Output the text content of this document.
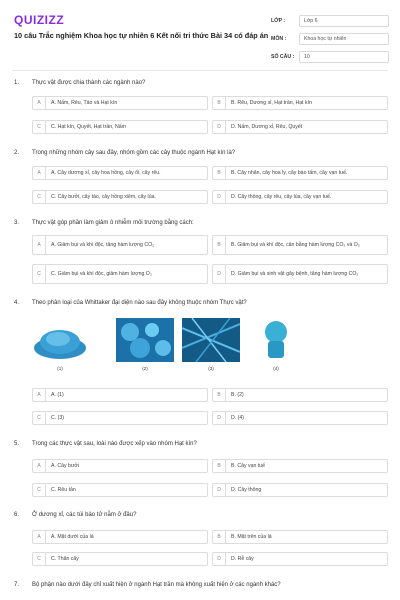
QUIZIZZ
10 câu Trắc nghiệm Khoa học tự nhiên 6 Kết nối tri thức Bài 34 có đáp án
LỚP :	Lớp 6
MÔN :	Khoa học tự nhiên
SỐ CÂU :	10
1. Thực vật được chia thành các ngành nào?
A	A. Nấm, Rêu, Tảo và Hạt kín	B	B. Rêu, Dương xỉ, Hạt trần, Hạt kín
C	C. Hạt kín, Quyết, Hạt trần, Nấm	D	D. Nấm, Dương xỉ, Rêu, Quyết
2. Trong những nhóm cây sau đây, nhóm gồm các cây thuộc ngành Hạt kín là?
A	A. Cây dương xỉ, cây hoa hồng, cây ổi, cây rêu.	B	B. Cây nhãn, cây hoa ly, cây bào tấm, cây vạn tuế.
C	C. Cây bưởi, cây táo, cây hồng xiêm, cây lúa.	D	D. Cây thông, cây rêu, cây lúa, cây vạn tuế.
3. Thực vật góp phần làm giảm ô nhiễm môi trường bằng cách:
A	A. Giảm bụi và khí độc, tăng hàm lượng CO₂	B	B. Giảm bụi và khí độc, cân bằng hàm lượng CO₂ và O₂
C	C. Giảm bụi và khí độc, giảm hàm lượng O₂	D	D. Giảm bụi và sinh vật gây bệnh, tăng hàm lượng CO₂
4. Theo phân loại của Whittaker đại diện nào sau đây không thuộc nhóm Thực vật?
(1)	(2)	(3)	(4)
A	A. (1)	B	B. (2)
C	C. (3)	D	D. (4)
5. Trong các thực vật sau, loài nào được xếp vào nhóm Hạt kín?
A	A. Cây bưởi	B	B. Cây vạn tuế
C	C. Rêu tản	D	D. Cây thông
6. Ở dương xỉ, các túi bào tử nằm ở đâu?
A	A. Mặt dưới của lá	B	B. Mặt trên của lá
C	C. Thân cây	D	D. Rễ cây
7. Bộ phận nào dưới đây chỉ xuất hiện ở ngành Hạt trần mà không xuất hiện ở các ngành khác?
